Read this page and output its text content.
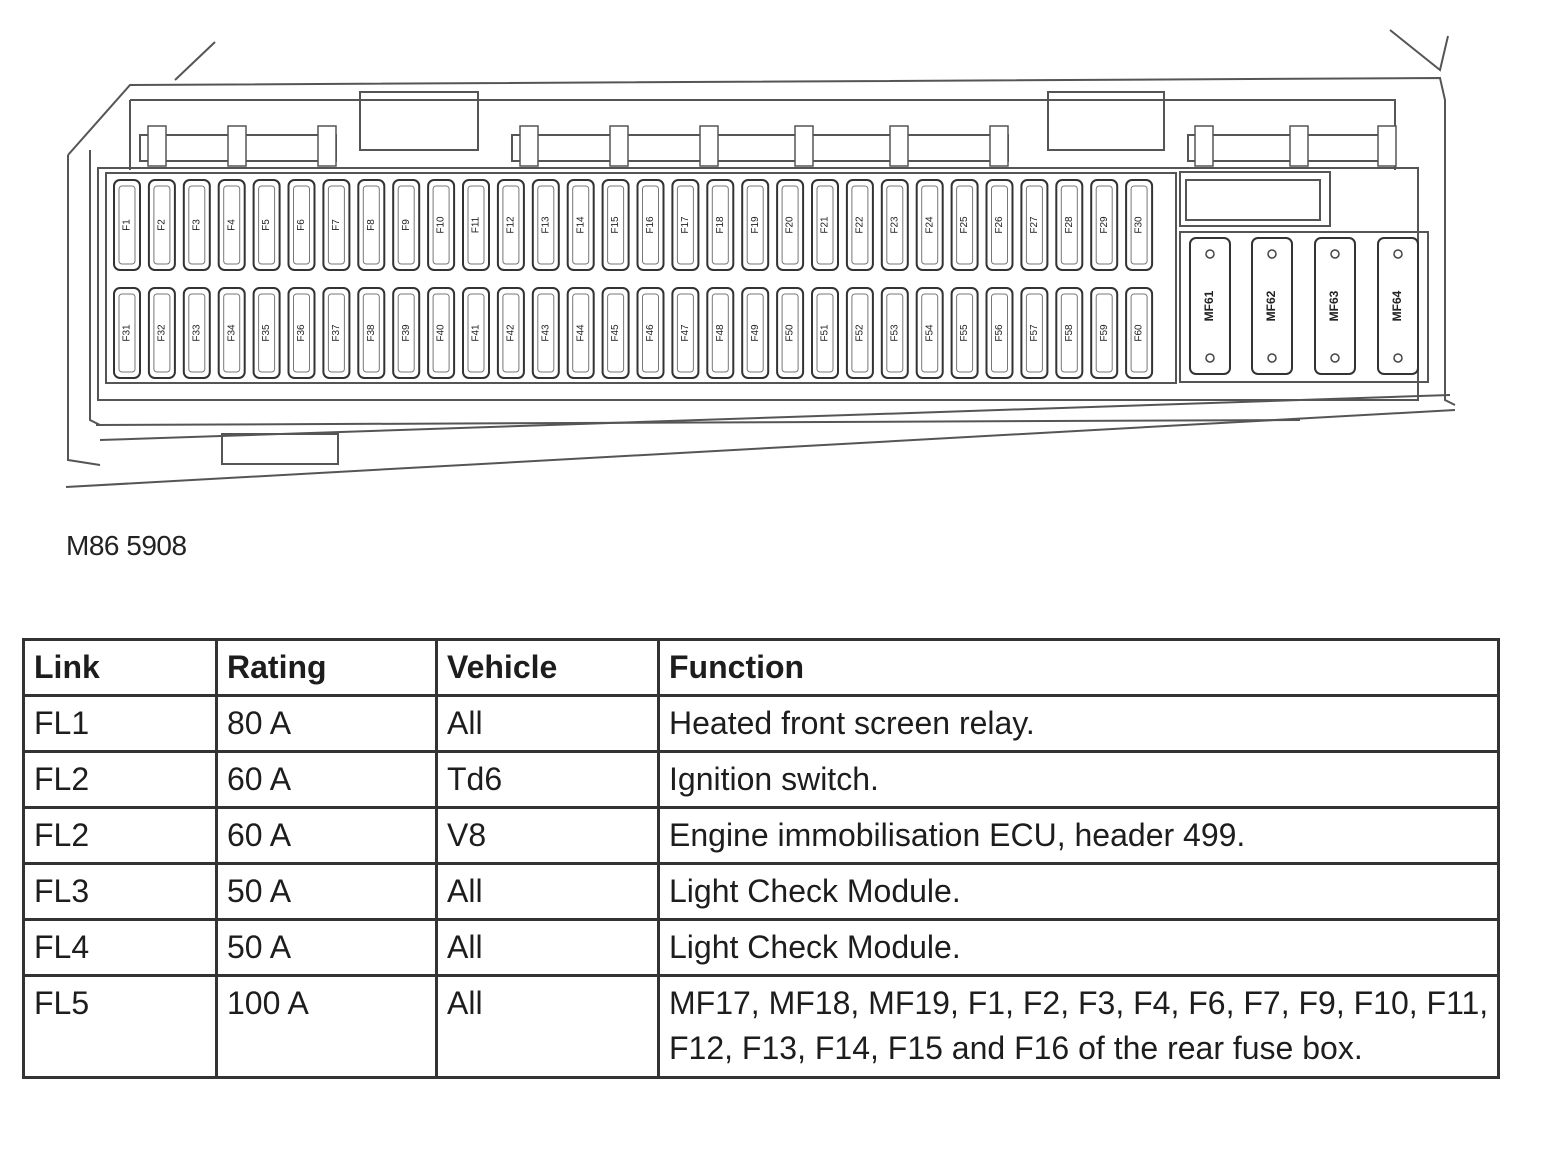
F1 F2 F3 F4 F5 F6 F7 F8 F9 F10 F11 F12 F13 F14 F15 F16 F17 F18 F19 F20 F21 F22 F23 F24 F25 F26 F27 F28 F29 F30
F31 F32 F33 F34 F35 F36 F37 F38 F39 F40 F41 F42 F43 F44 F45 F46 F47 F48 F49 F50 F51 F52 F53 F54 F55 F56 F57 F58 F59 F60
MF61	MF62	MF63	MF64
M86 5908
Link	Rating	Vehicle	Function
FL1	80 A	All	Heated front screen relay.
FL2	60 A	Td6	Ignition switch.
FL2	60 A	V8	Engine immobilisation ECU, header 499.
FL3	50 A	All	Light Check Module.
FL4	50 A	All	Light Check Module.
FL5	100 A	All	MF17, MF18, MF19, F1, F2, F3, F4, F6, F7, F9, F10, F11, F12, F13, F14, F15 and F16 of the rear fuse box.
